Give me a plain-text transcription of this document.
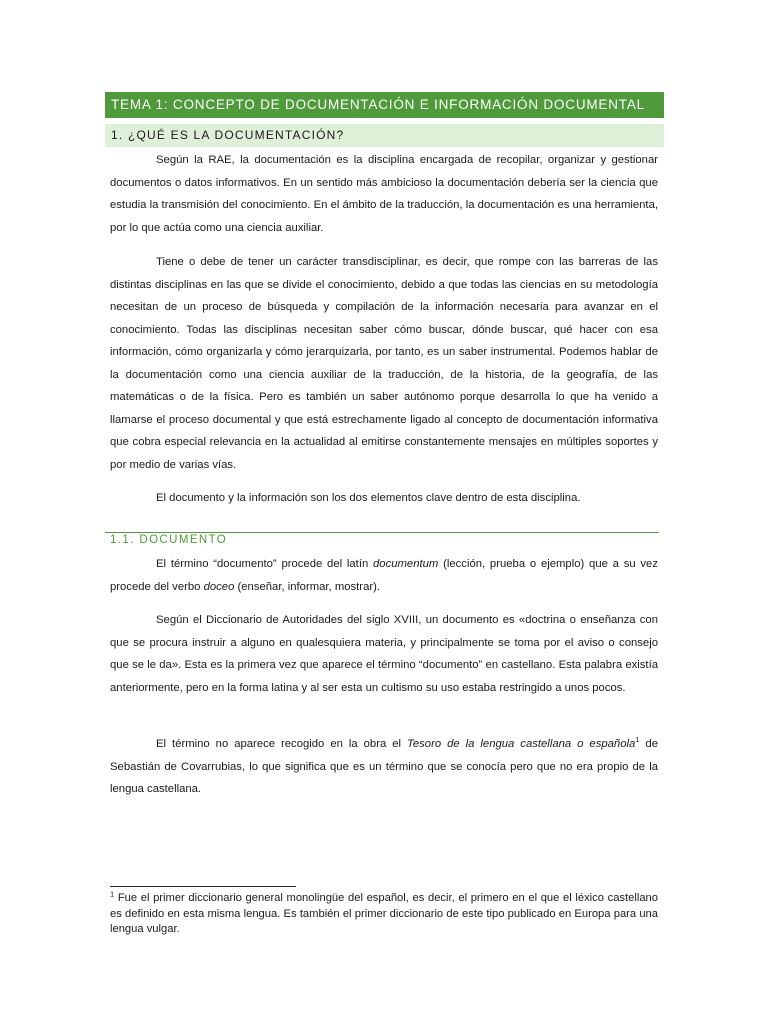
TEMA 1: CONCEPTO DE DOCUMENTACIÓN E INFORMACIÓN DOCUMENTAL
1. ¿QUÉ ES LA DOCUMENTACIÓN?

Según la RAE, la documentación es la disciplina encargada de recopilar, organizar y gestionar documentos o datos informativos. En un sentido más ambicioso la documentación debería ser la ciencia que estudia la transmisión del conocimiento. En el ámbito de la traducción, la documentación es una herramienta, por lo que actúa como una ciencia auxiliar.

Tiene o debe de tener un carácter transdisciplinar, es decir, que rompe con las barreras de las distintas disciplinas en las que se divide el conocimiento, debido a que todas las ciencias en su metodología necesitan de un proceso de búsqueda y compilación de la información necesaria para avanzar en el conocimiento. Todas las disciplinas necesitan saber cómo buscar, dónde buscar, qué hacer con esa información, cómo organizarla y cómo jerarquizarla, por tanto, es un saber instrumental. Podemos hablar de la documentación como una ciencia auxiliar de la traducción, de la historia, de la geografía, de las matemáticas o de la física. Pero es también un saber autónomo porque desarrolla lo que ha venido a llamarse el proceso documental y que está estrechamente ligado al concepto de documentación informativa que cobra especial relevancia en la actualidad al emitirse constantemente mensajes en múltiples soportes y por medio de varias vías.

El documento y la información son los dos elementos clave dentro de esta disciplina.

1.1. DOCUMENTO

El término “documento” procede del latín documentum (lección, prueba o ejemplo) que a su vez procede del verbo doceo (enseñar, informar, mostrar).

Según el Diccionario de Autoridades del siglo XVIII, un documento es «doctrina o enseñanza con que se procura instruir a alguno en qualesquiera materia, y principalmente se toma por el aviso o consejo que se le da». Esta es la primera vez que aparece el término “documento” en castellano. Esta palabra existía anteriormente, pero en la forma latina y al ser esta un cultismo su uso estaba restringido a unos pocos.

El término no aparece recogido en la obra el Tesoro de la lengua castellana o española$^1$ de Sebastián de Covarrubias, lo que significa que es un término que se conocía pero que no era propio de la lengua castellana.

$^1$ Fue el primer diccionario general monolingüe del español, es decir, el primero en el que el léxico castellano es definido en esta misma lengua. Es también el primer diccionario de este tipo publicado en Europa para una lengua vulgar.
